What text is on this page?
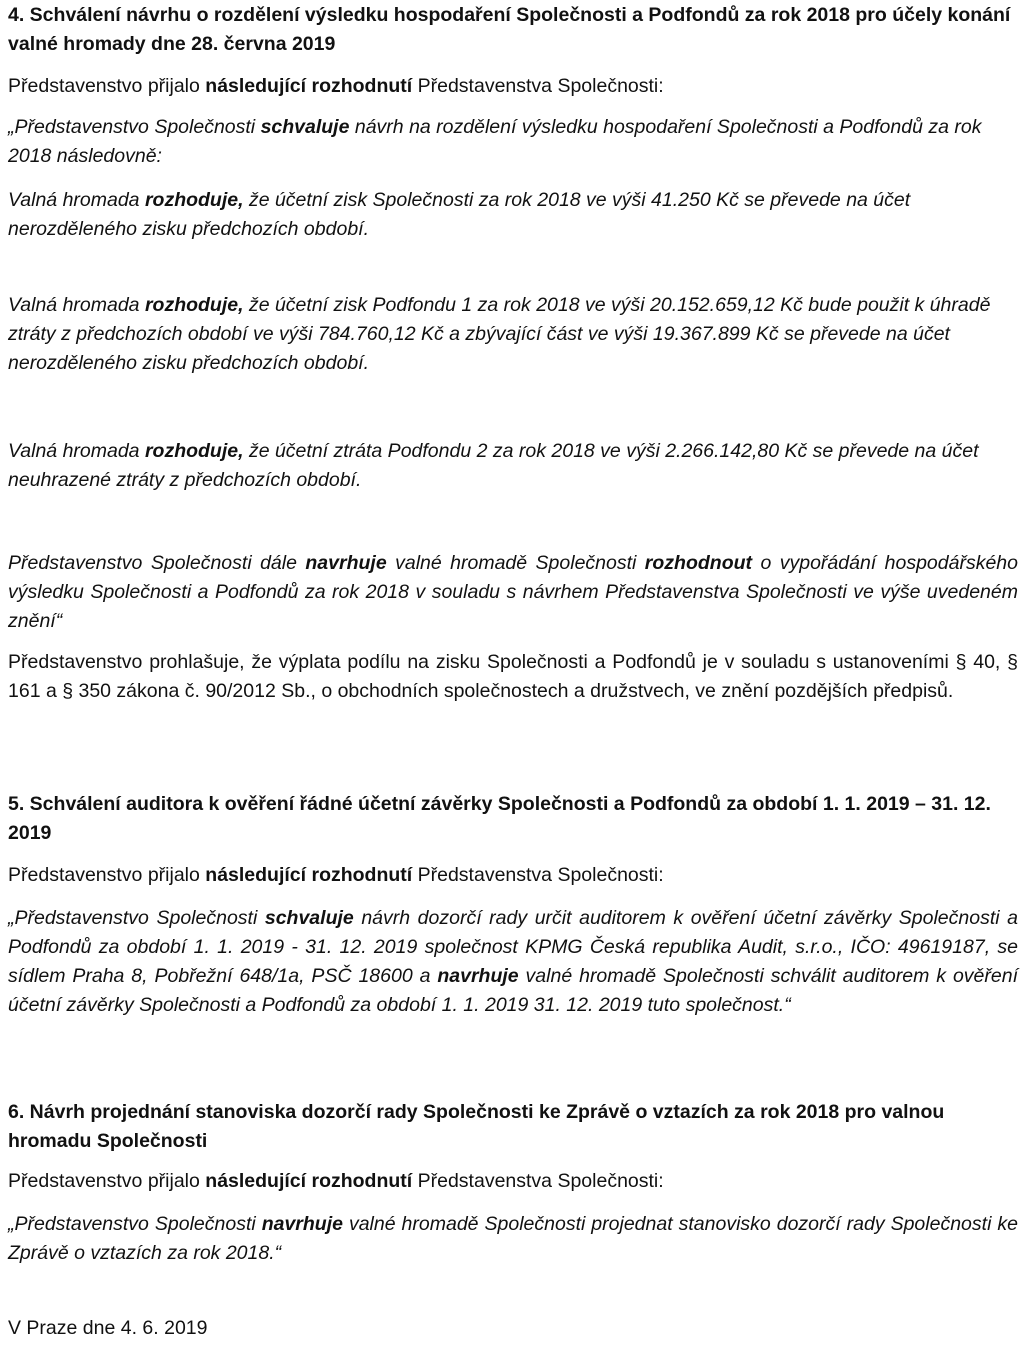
4. Schválení návrhu o rozdělení výsledku hospodaření Společnosti a Podfondů za rok 2018 pro účely konání valné hromady dne 28. června 2019
Představenstvo přijalo následující rozhodnutí Představenstva Společnosti:
„Představenstvo Společnosti schvaluje návrh na rozdělení výsledku hospodaření Společnosti a Podfondů za rok 2018 následovně:
Valná hromada rozhoduje, že účetní zisk Společnosti za rok 2018 ve výši 41.250 Kč se převede na účet nerozděleného zisku předchozích období.
Valná hromada rozhoduje, že účetní zisk Podfondu 1 za rok 2018 ve výši 20.152.659,12 Kč bude použit k úhradě ztráty z předchozích období ve výši 784.760,12 Kč a zbývající část ve výši 19.367.899 Kč se převede na účet nerozděleného zisku předchozích období.
Valná hromada rozhoduje, že účetní ztráta Podfondu 2 za rok 2018 ve výši 2.266.142,80 Kč se převede na účet neuhrazené ztráty z předchozích období.
Představenstvo Společnosti dále navrhuje valné hromadě Společnosti rozhodnout o vypořádání hospodářského výsledku Společnosti a Podfondů za rok 2018 v souladu s návrhem Představenstva Společnosti ve výše uvedeném znění“
Představenstvo prohlašuje, že výplata podílu na zisku Společnosti a Podfondů je v souladu s ustanoveními § 40, § 161 a § 350 zákona č. 90/2012 Sb., o obchodních společnostech a družstvech, ve znění pozdějších předpisů.
5. Schválení auditora k ověření řádné účetní závěrky Společnosti a Podfondů za období 1. 1. 2019 – 31. 12. 2019
Představenstvo přijalo následující rozhodnutí Představenstva Společnosti:
„Představenstvo Společnosti schvaluje návrh dozorčí rady určit auditorem k ověření účetní závěrky Společnosti a Podfondů za období 1. 1. 2019 - 31. 12. 2019 společnost KPMG Česká republika Audit, s.r.o., IČO: 49619187, se sídlem Praha 8, Pobřežní 648/1a, PSČ 18600 a navrhuje valné hromadě Společnosti schválit auditorem k ověření účetní závěrky Společnosti a Podfondů za období 1. 1. 2019 31. 12. 2019 tuto společnost.“
6. Návrh projednání stanoviska dozorčí rady Společnosti ke Zprávě o vztazích za rok 2018 pro valnou hromadu Společnosti
Představenstvo přijalo následující rozhodnutí Představenstva Společnosti:
„Představenstvo Společnosti navrhuje valné hromadě Společnosti projednat stanovisko dozorčí rady Společnosti ke Zprávě o vztazích za rok 2018.“
V Praze dne 4. 6. 2019
